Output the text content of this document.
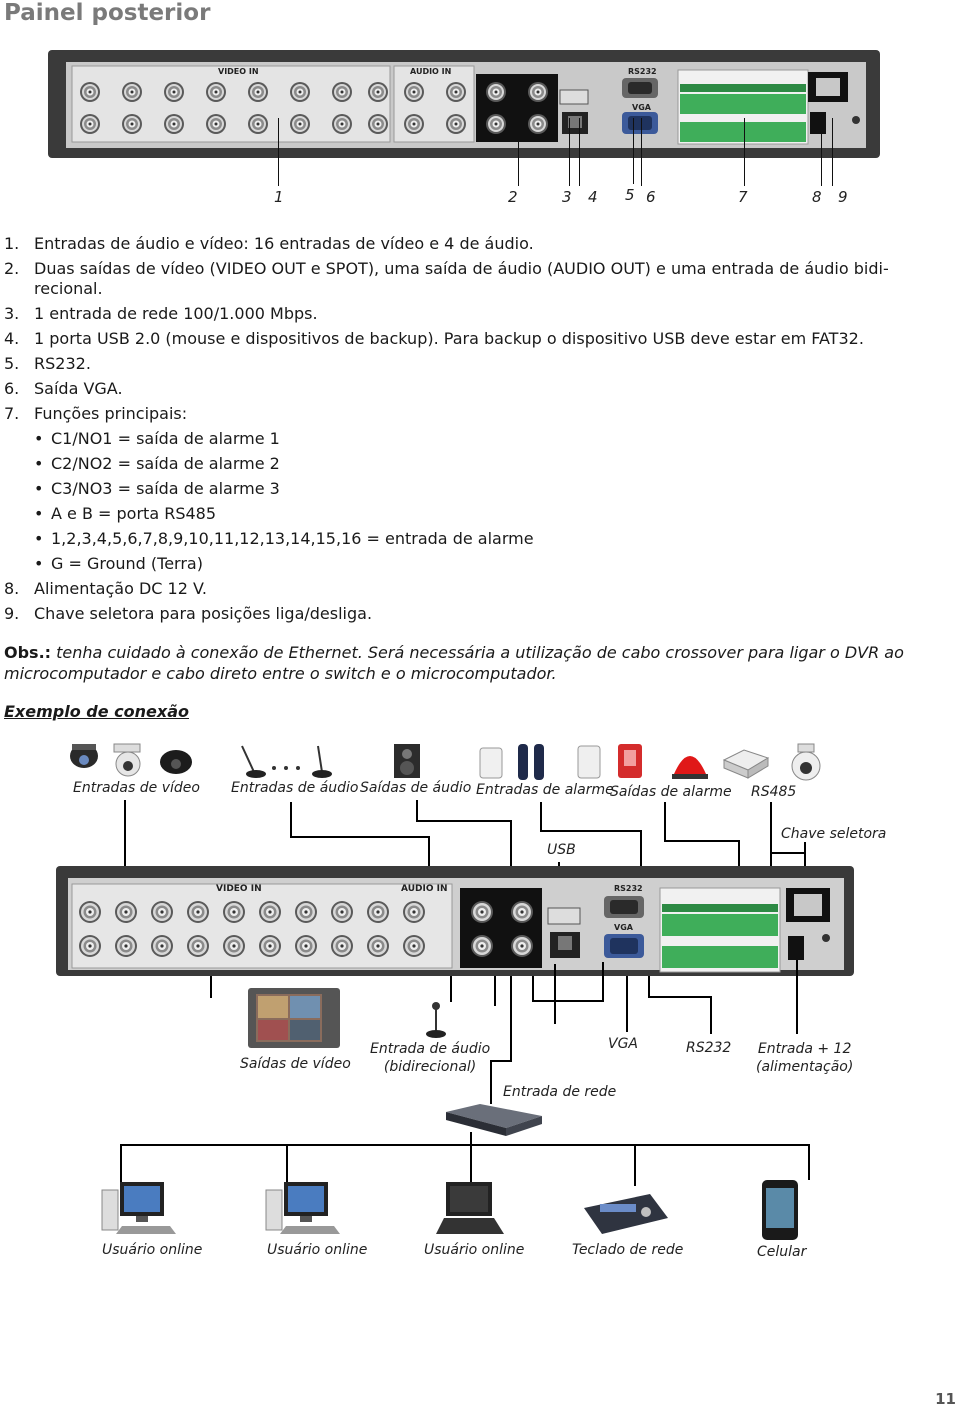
Painel posterior
VIDEO IN	AUDIO IN	RS232
VGA
1	2	3 4 5 6	7	8 9
1. Entradas de áudio e vídeo: 16 entradas de vídeo e 4 de áudio.
2. Duas saídas de vídeo (VIDEO OUT e SPOT), uma saída de áudio (AUDIO OUT) e uma entrada de áudio bidi-recional.
3. 1 entrada de rede 100/1.000 Mbps.
4. 1 porta USB 2.0 (mouse e dispositivos de backup). Para backup o dispositivo USB deve estar em FAT32.
5. RS232.
6. Saída VGA.
7. Funções principais:
• C1/NO1 = saída de alarme 1
• C2/NO2 = saída de alarme 2
• C3/NO3 = saída de alarme 3
• A e B = porta RS485
• 1,2,3,4,5,6,7,8,9,10,11,12,13,14,15,16 = entrada de alarme
• G = Ground (Terra)
8. Alimentação DC 12 V.
9. Chave seletora para posições liga/desliga.
Obs.: tenha cuidado à conexão de Ethernet. Será necessária a utilização de cabo crossover para ligar o DVR ao microcomputador e cabo direto entre o switch e o microcomputador.
Exemplo de conexão
Entradas de vídeo Entradas de áudio Saídas de áudio Entradas de alarme
Saídas de alarme RS485
Chave seletora
USB
VIDEO IN	AUDIO IN	RS232
VGA
Saídas de vídeo
Entrada de áudio
(bidirecional)
VGA	RS232 Entrada + 12
(alimentação)
Entrada de rede
Usuário online	Usuário online	Usuário online	Teclado de rede	Celular
11
